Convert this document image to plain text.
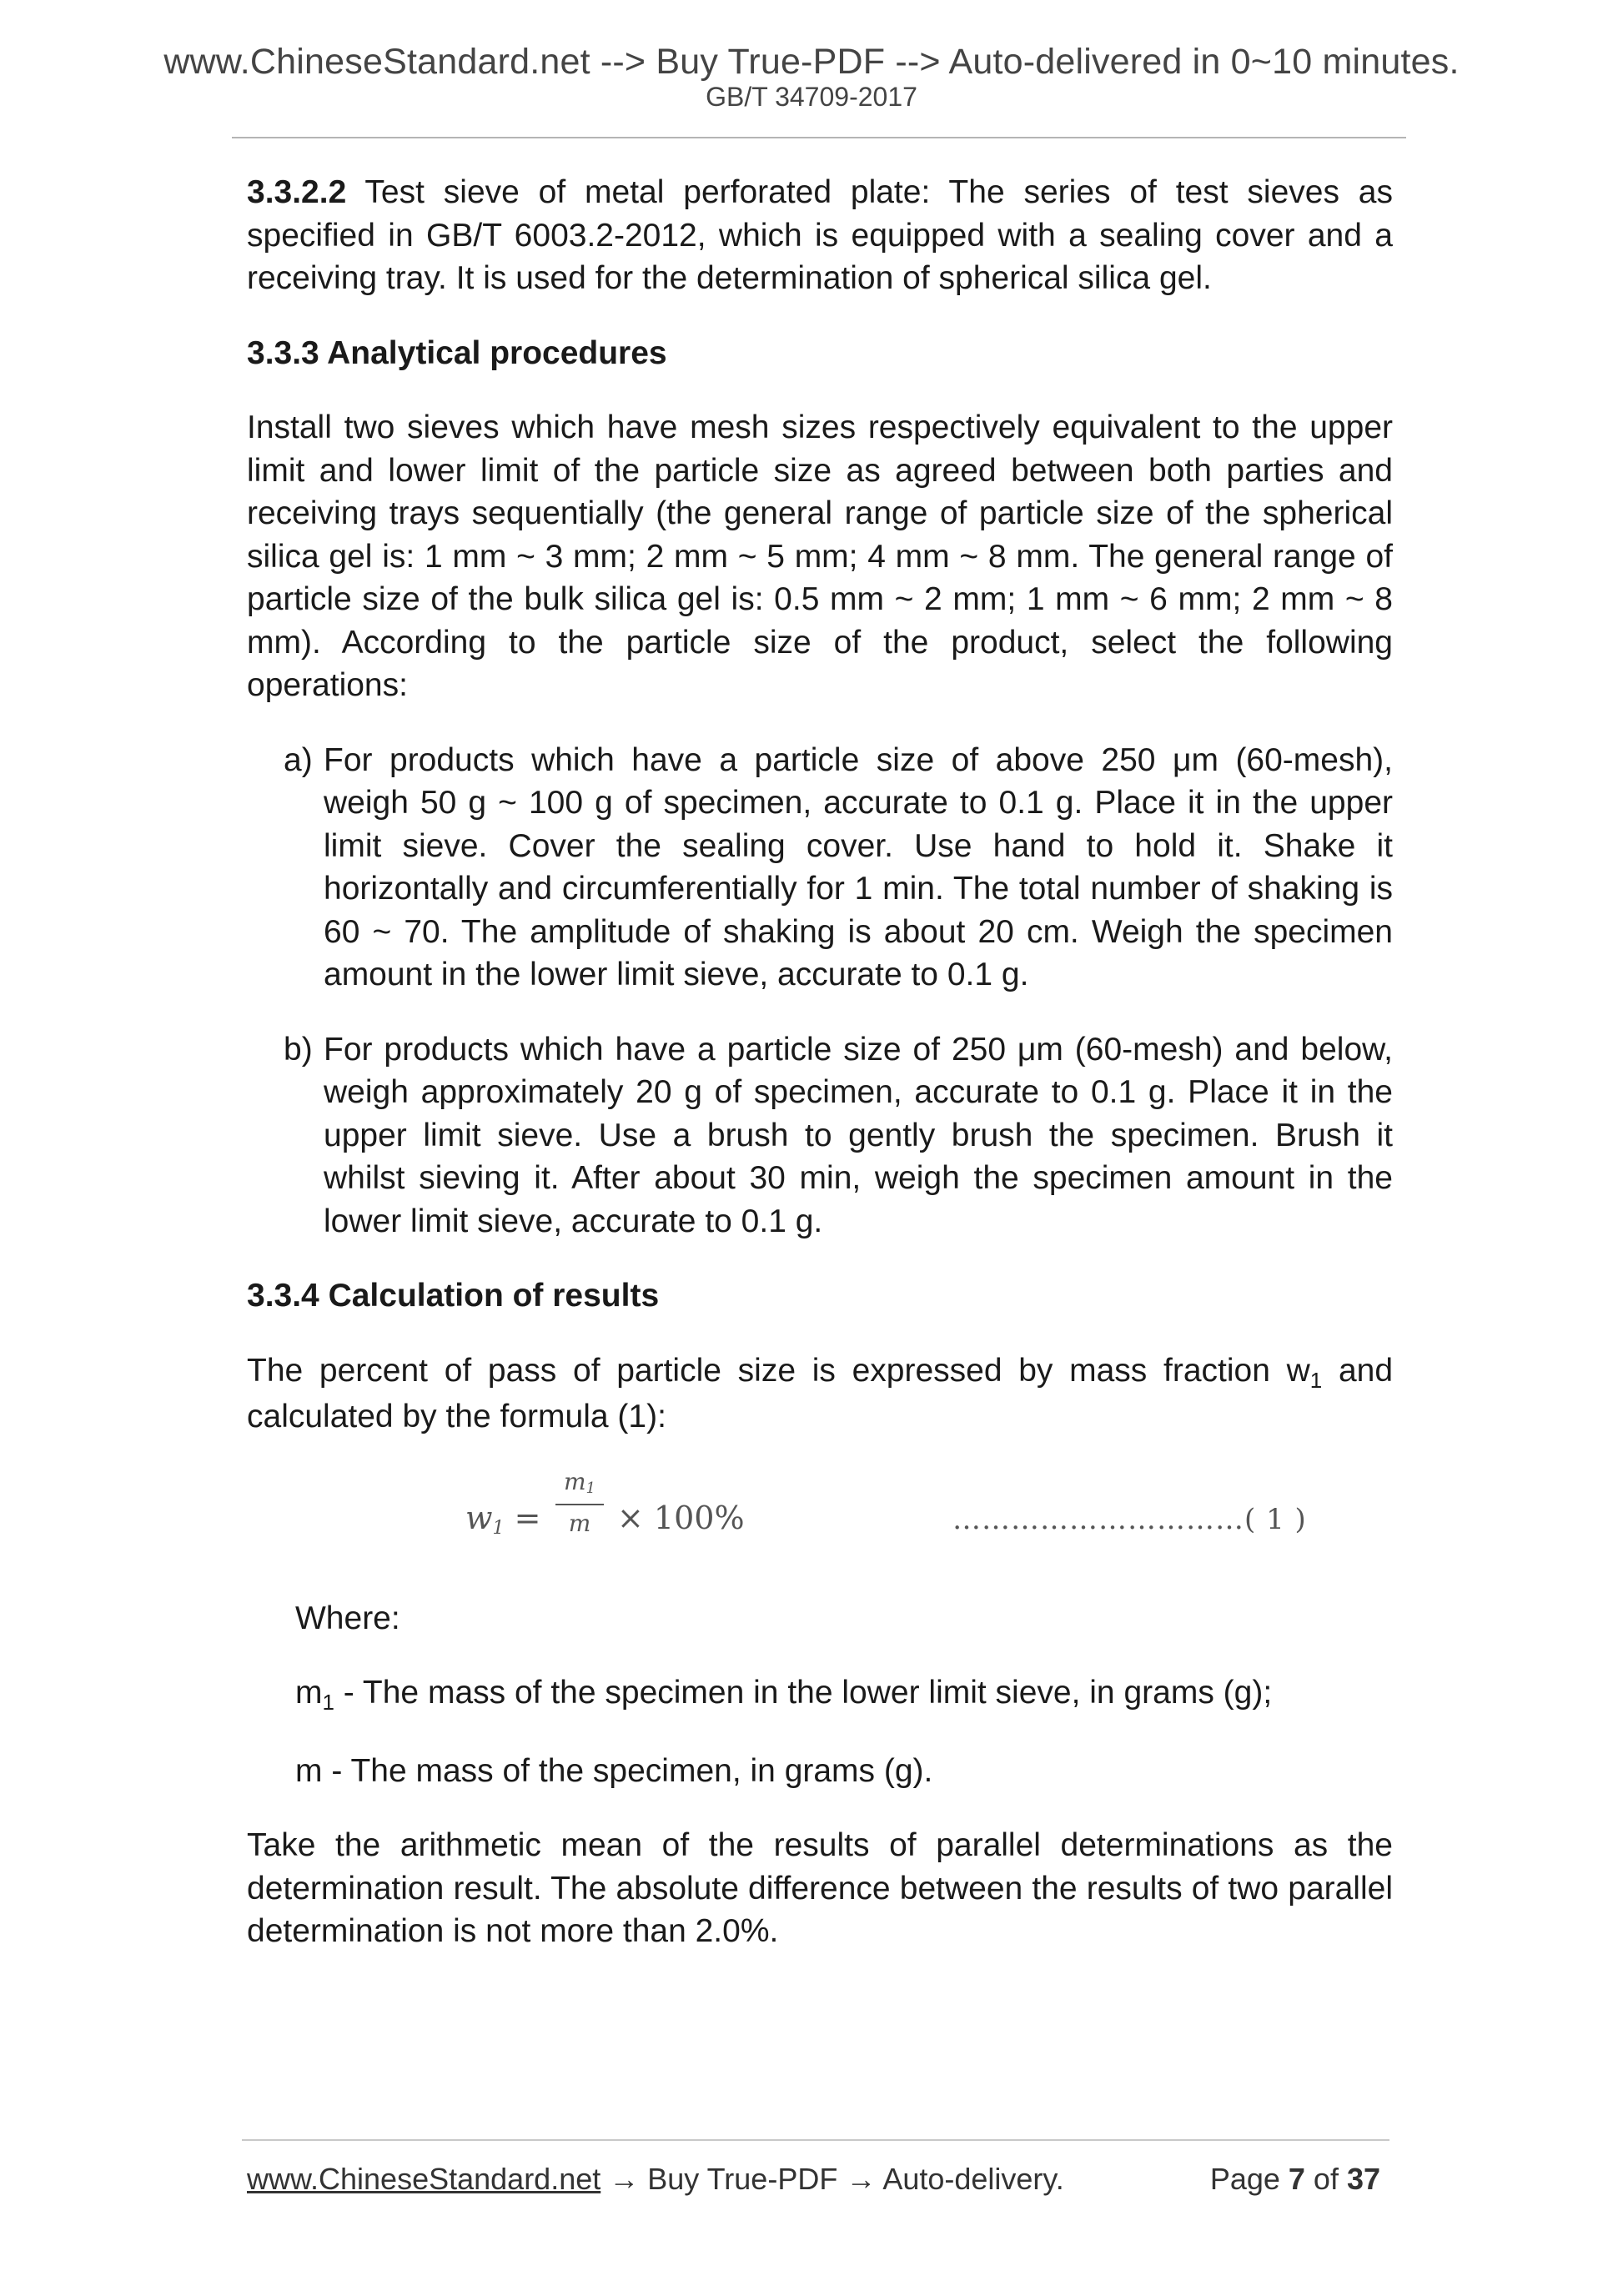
www.ChineseStandard.net --> Buy True-PDF --> Auto-delivered in 0~10 minutes.
GB/T 34709-2017

3.3.2.2 Test sieve of metal perforated plate: The series of test sieves as specified in GB/T 6003.2-2012, which is equipped with a sealing cover and a receiving tray. It is used for the determination of spherical silica gel.

3.3.3 Analytical procedures

Install two sieves which have mesh sizes respectively equivalent to the upper limit and lower limit of the particle size as agreed between both parties and receiving trays sequentially (the general range of particle size of the spherical silica gel is: 1 mm ~ 3 mm; 2 mm ~ 5 mm; 4 mm ~ 8 mm. The general range of particle size of the bulk silica gel is: 0.5 mm ~ 2 mm; 1 mm ~ 6 mm; 2 mm ~ 8 mm). According to the particle size of the product, select the following operations:

a) For products which have a particle size of above 250 μm (60-mesh), weigh 50 g ~ 100 g of specimen, accurate to 0.1 g. Place it in the upper limit sieve. Cover the sealing cover. Use hand to hold it. Shake it horizontally and circumferentially for 1 min. The total number of shaking is 60 ~ 70. The amplitude of shaking is about 20 cm. Weigh the specimen amount in the lower limit sieve, accurate to 0.1 g.

b) For products which have a particle size of 250 μm (60-mesh) and below, weigh approximately 20 g of specimen, accurate to 0.1 g. Place it in the upper limit sieve. Use a brush to gently brush the specimen. Brush it whilst sieving it. After about 30 min, weigh the specimen amount in the lower limit sieve, accurate to 0.1 g.

3.3.4 Calculation of results

The percent of pass of particle size is expressed by mass fraction $w_1$ and calculated by the formula (1):

$w_1$ =
$m_1$
m × 100%	…………………………( 1 )

Where:

$m_1$ - The mass of the specimen in the lower limit sieve, in grams (g);

m - The mass of the specimen, in grams (g).

Take the arithmetic mean of the results of parallel determinations as the determination result. The absolute difference between the results of two parallel determination is not more than 2.0%.

www.ChineseStandard.net → Buy True-PDF → Auto-delivery.	Page 7 of 37
